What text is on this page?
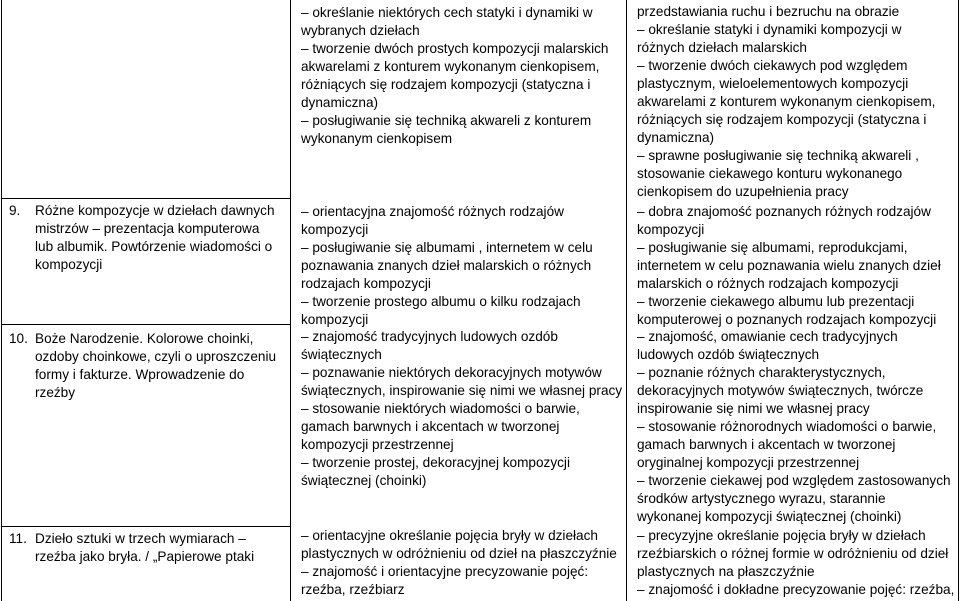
9. Różne kompozycje w dziełach dawnych
mistrzów – prezentacja komputerowa
lub albumik. Powtórzenie wiadomości o
kompozycji
10. Boże Narodzenie. Kolorowe choinki,
ozdoby choinkowe, czyli o uproszczeniu
formy i fakturze. Wprowadzenie do
rzeźby
11. Dzieło sztuki w trzech wymiarach –
rzeźba jako bryła. / „Papierowe ptaki
– określanie niektórych cech statyki i dynamiki w
wybranych dziełach
– tworzenie dwóch prostych kompozycji malarskich
akwarelami z konturem wykonanym cienkopisem,
różniących się rodzajem kompozycji (statyczna i
dynamiczna)
– posługiwanie się techniką akwareli z konturem
wykonanym cienkopisem
– orientacyjna znajomość różnych rodzajów
kompozycji
– posługiwanie się albumami , internetem w celu
poznawania znanych dzieł malarskich o różnych
rodzajach kompozycji
– tworzenie prostego albumu o kilku rodzajach
kompozycji
– znajomość tradycyjnych ludowych ozdób
świątecznych
– poznawanie niektórych dekoracyjnych motywów
świątecznych, inspirowanie się nimi we własnej pracy
– stosowanie niektórych wiadomości o barwie,
gamach barwnych i akcentach w tworzonej
kompozycji przestrzennej
– tworzenie prostej, dekoracyjnej kompozycji
świątecznej (choinki)
– orientacyjne określanie pojęcia bryły w dziełach
plastycznych w odróżnieniu od dzieł na płaszczyźnie
– znajomość i orientacyjne precyzowanie pojęć:
rzeźba, rzeźbiarz
przedstawiania ruchu i bezruchu na obrazie
– określanie statyki i dynamiki kompozycji w
różnych dziełach malarskich
– tworzenie dwóch ciekawych pod względem
plastycznym, wieloelementowych kompozycji
akwarelami z konturem wykonanym cienkopisem,
różniących się rodzajem kompozycji (statyczna i
dynamiczna)
– sprawne posługiwanie się techniką akwareli ,
stosowanie ciekawego konturu wykonanego
cienkopisem do uzupełnienia pracy
– dobra znajomość poznanych różnych rodzajów
kompozycji
– posługiwanie się albumami, reprodukcjami,
internetem w celu poznawania wielu znanych dzieł
malarskich o różnych rodzajach kompozycji
– tworzenie ciekawego albumu lub prezentacji
komputerowej o poznanych rodzajach kompozycji
– znajomość, omawianie cech tradycyjnych
ludowych ozdób świątecznych
– poznanie różnych charakterystycznych,
dekoracyjnych motywów świątecznych, twórcze
inspirowanie się nimi we własnej pracy
– stosowanie różnorodnych wiadomości o barwie,
gamach barwnych i akcentach w tworzonej
oryginalnej kompozycji przestrzennej
– tworzenie ciekawej pod względem zastosowanych
środków artystycznego wyrazu, starannie
wykonanej kompozycji świątecznej (choinki)
– precyzyjne określanie pojęcia bryły w dziełach
rzeźbiarskich o różnej formie w odróżnieniu od dzieł
plastycznych na płaszczyźnie
– znajomość i dokładne precyzowanie pojęć: rzeźba,
